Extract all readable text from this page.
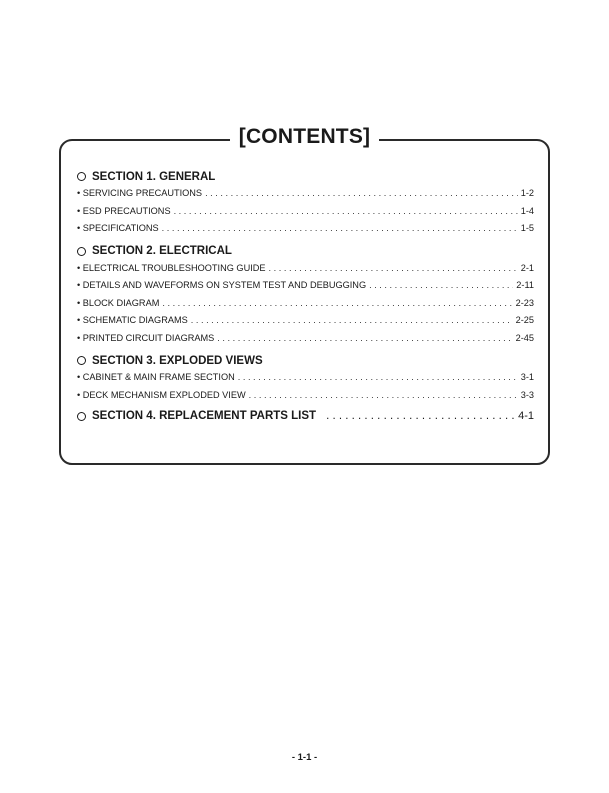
[CONTENTS]
SECTION 1. GENERAL
• SERVICING PRECAUTIONS . . .	1-2
• ESD PRECAUTIONS . . .	1-4
• SPECIFICATIONS . . .	1-5
SECTION 2. ELECTRICAL
• ELECTRICAL TROUBLESHOOTING GUIDE . . .	2-1
• DETAILS AND WAVEFORMS ON SYSTEM TEST AND DEBUGGING . . .	2-11
• BLOCK DIAGRAM . . .	2-23
• SCHEMATIC DIAGRAMS . . .	2-25
• PRINTED CIRCUIT DIAGRAMS . . .	2-45
SECTION 3. EXPLODED VIEWS
• CABINET & MAIN FRAME SECTION . . .	3-1
• DECK MECHANISM EXPLODED VIEW . . .	3-3
SECTION 4. REPLACEMENT PARTS LIST . . .	4-1
- 1-1 -
